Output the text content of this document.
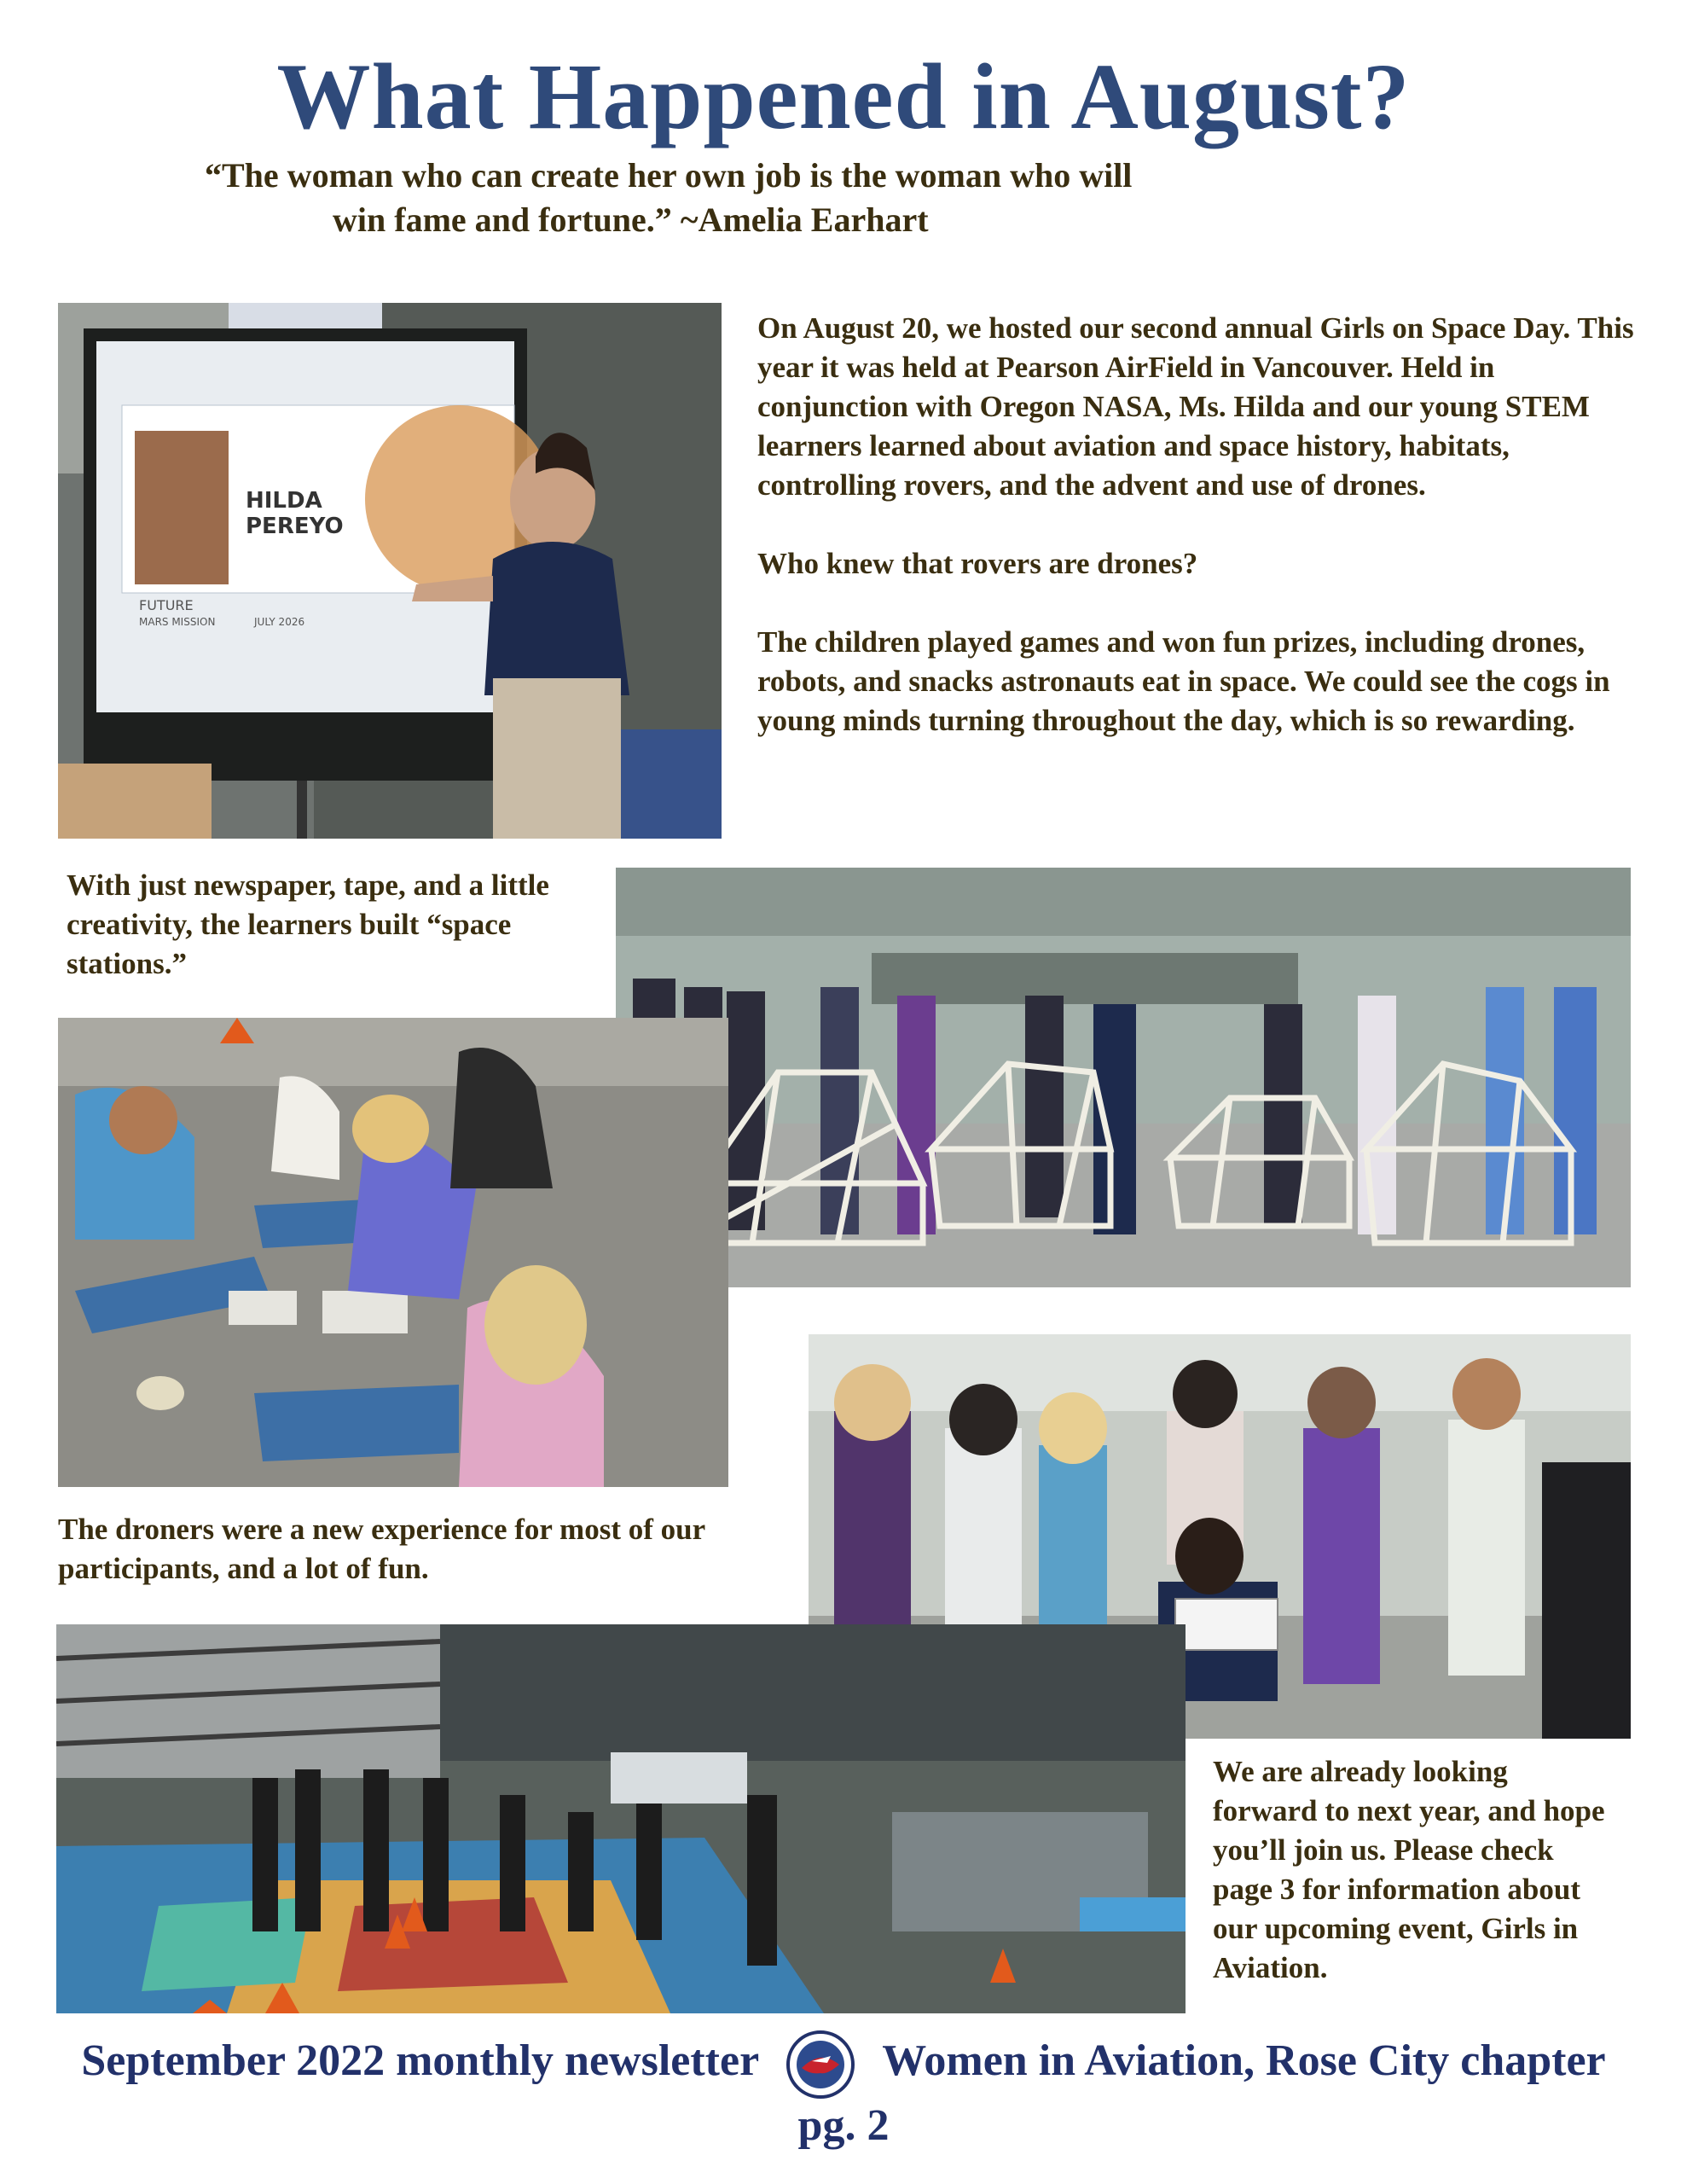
What Happened in August?
“The woman who can create her own job is the woman who will
win fame and fortune.” ~Amelia Earhart
HILDA
PEREYO
FUTURE
MARS MISSION	JULY 2026

On August 20, we hosted our second annual Girls on Space Day. This year it was held at Pearson AirField in Vancouver. Held in conjunction with Oregon NASA, Ms. Hilda and our young STEM learners learned about aviation and space history, habitats, controlling rovers, and the advent and use of drones.

Who knew that rovers are drones?

The children played games and won fun prizes, including drones, robots, and snacks astronauts eat in space. We could see the cogs in young minds turning throughout the day, which is so rewarding.

With just newspaper, tape, and a little creativity, the learners built “space stations.”
The droners were a new experience for most of our participants, and a lot of fun.
We are already looking forward to next year, and hope you’ll join us. Please check page 3 for information about our upcoming event, Girls in Aviation.
September 2022 monthly newsletter	Women in Aviation, Rose City chapter
pg. 2
